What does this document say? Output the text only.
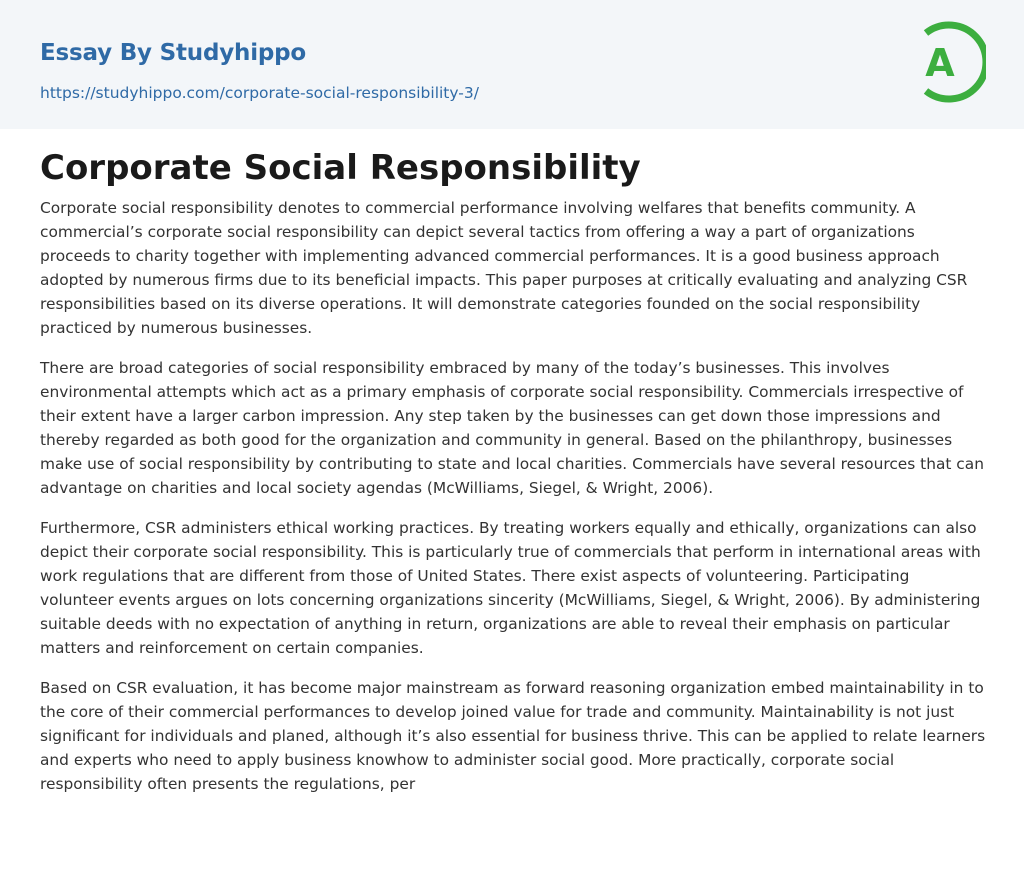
Essay By Studyhippo
https://studyhippo.com/corporate-social-responsibility-3/
A
Corporate Social Responsibility

Corporate social responsibility denotes to commercial performance involving welfares that benefits community. A commercial’s corporate social responsibility can depict several tactics from offering a way a part of organizations proceeds to charity together with implementing advanced commercial performances. It is a good business approach adopted by numerous firms due to its beneficial impacts. This paper purposes at critically evaluating and analyzing CSR responsibilities based on its diverse operations. It will demonstrate categories founded on the social responsibility practiced by numerous businesses.

There are broad categories of social responsibility embraced by many of the today’s businesses. This involves environmental attempts which act as a primary emphasis of corporate social responsibility. Commercials irrespective of their extent have a larger carbon impression. Any step taken by the businesses can get down those impressions and thereby regarded as both good for the organization and community in general. Based on the philanthropy, businesses make use of social responsibility by contributing to state and local charities. Commercials have several resources that can advantage on charities and local society agendas (McWilliams, Siegel, & Wright, 2006).

Furthermore, CSR administers ethical working practices. By treating workers equally and ethically, organizations can also depict their corporate social responsibility. This is particularly true of commercials that perform in international areas with work regulations that are different from those of United States. There exist aspects of volunteering. Participating volunteer events argues on lots concerning organizations sincerity (McWilliams, Siegel, & Wright, 2006). By administering suitable deeds with no expectation of anything in return, organizations are able to reveal their emphasis on particular matters and reinforcement on certain companies.

Based on CSR evaluation, it has become major mainstream as forward reasoning organization embed maintainability in to the core of their commercial performances to develop joined value for trade and community. Maintainability is not just significant for individuals and planed, although it’s also essential for business thrive. This can be applied to relate learners and experts who need to apply business knowhow to administer social good. More practically, corporate social responsibility often presents the regulations, per
